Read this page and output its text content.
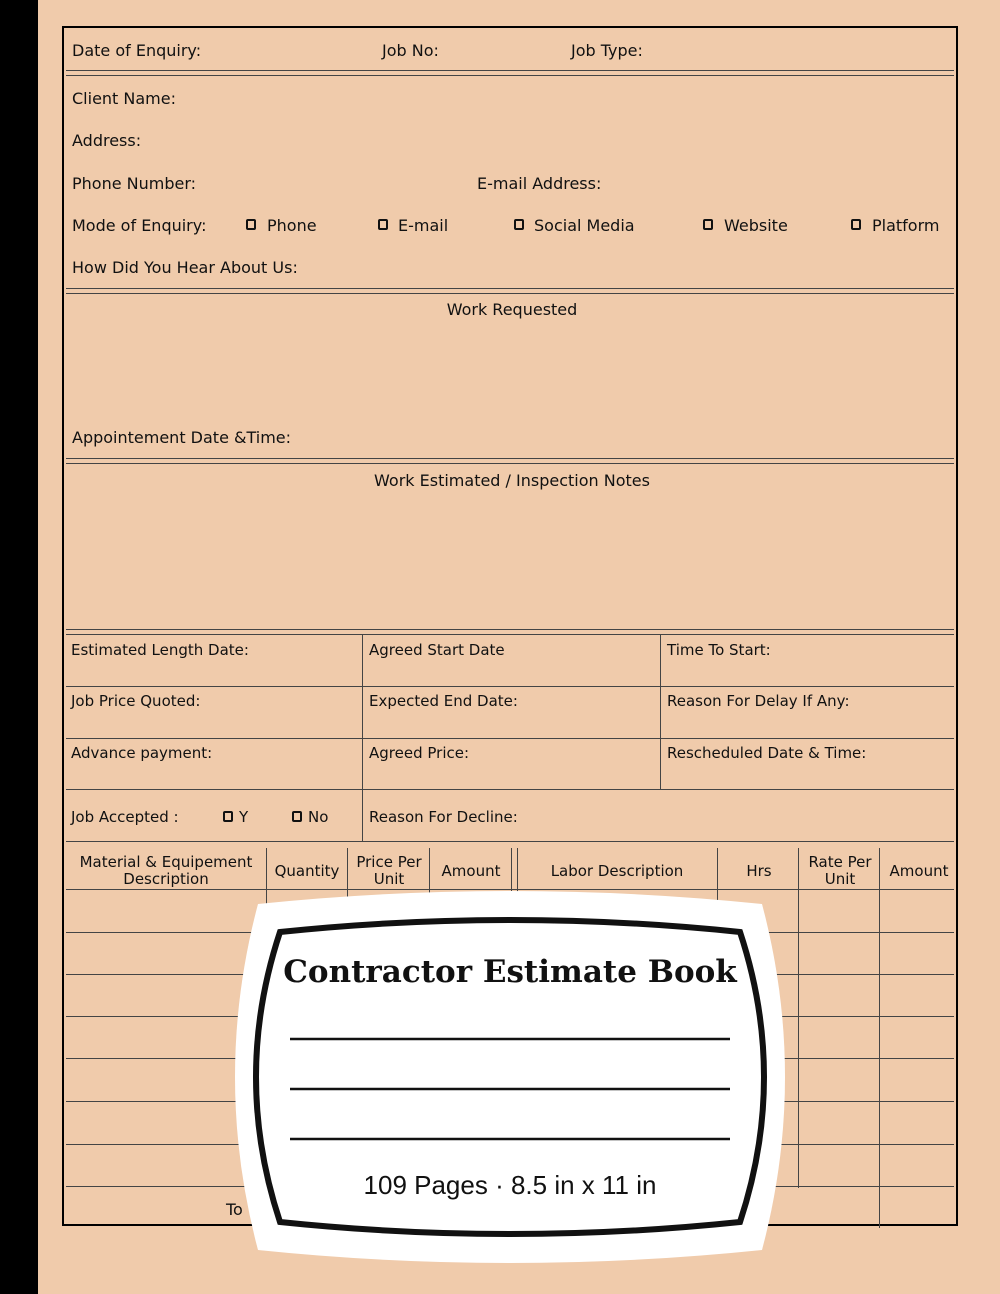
Date of Enquiry:	Job No:	Job Type:
Client Name:
Address:
Phone Number:	E-mail Address:
Mode of Enquiry:	Phone	E-mail	Social Media	Website	Platform
How Did You Hear About Us:
Work Requested
Appointement Date &Time:
Work Estimated / Inspection Notes
Estimated Length Date:	Agreed Start Date	Time To Start:
Job Price Quoted:	Expected End Date:	Reason For Delay If Any:
Advance payment:	Agreed Price:	Rescheduled Date & Time:
Job Accepted :	Y	No	Reason For Decline:
Material & Equipement Description	Quantity	Price Per Unit	Amount	Labor Description	Hrs	Rate Per Unit	Amount
To
Contractor Estimate Book
109 Pages · 8.5 in x 11 in
